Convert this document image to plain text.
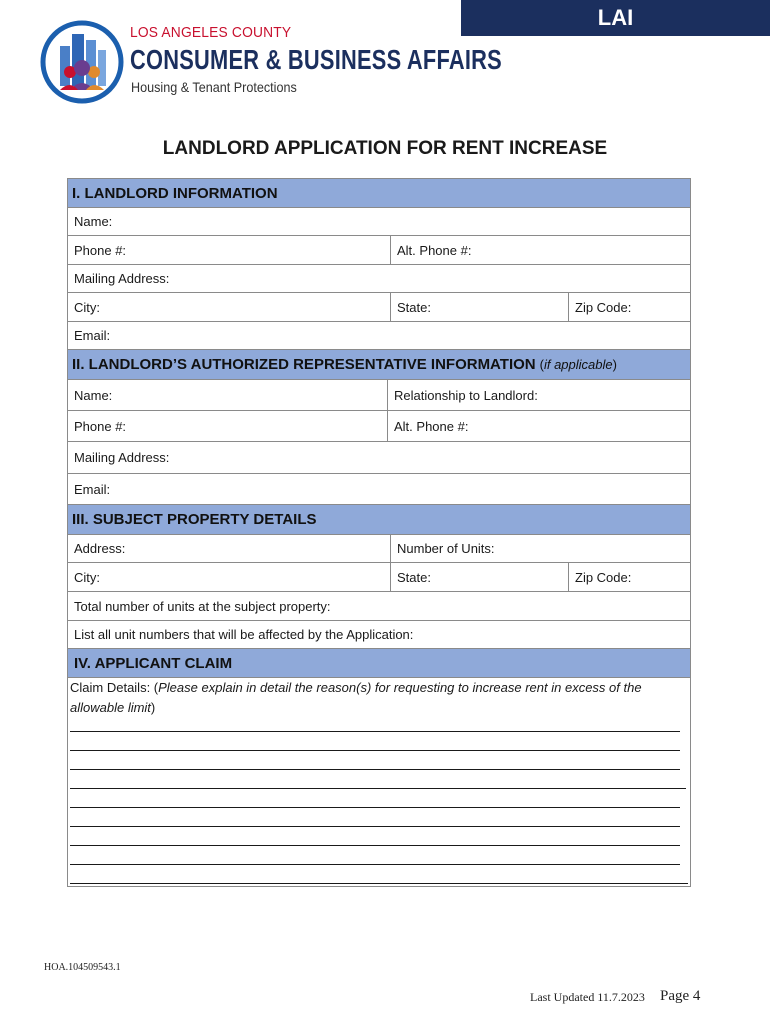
LAI
LOS ANGELES COUNTY
CONSUMER & BUSINESS AFFAIRS
Housing & Tenant Protections
LANDLORD APPLICATION FOR RENT INCREASE
I. LANDLORD INFORMATION
Name:
Phone #:	Alt. Phone #:
Mailing Address:
City:	State:	Zip Code:
Email:
II. LANDLORD’S AUTHORIZED REPRESENTATIVE INFORMATION (if applicable)
Name:	Relationship to Landlord:
Phone #:	Alt. Phone #:
Mailing Address:
Email:
III. SUBJECT PROPERTY DETAILS
Address:	Number of Units:
City:	State:	Zip Code:
Total number of units at the subject property:
List all unit numbers that will be affected by the Application:
IV. APPLICANT CLAIM
Claim Details: (Please explain in detail the reason(s) for requesting to increase rent in excess of the allowable limit)
HOA.104509543.1
Last Updated 11.7.2023 Page 4
